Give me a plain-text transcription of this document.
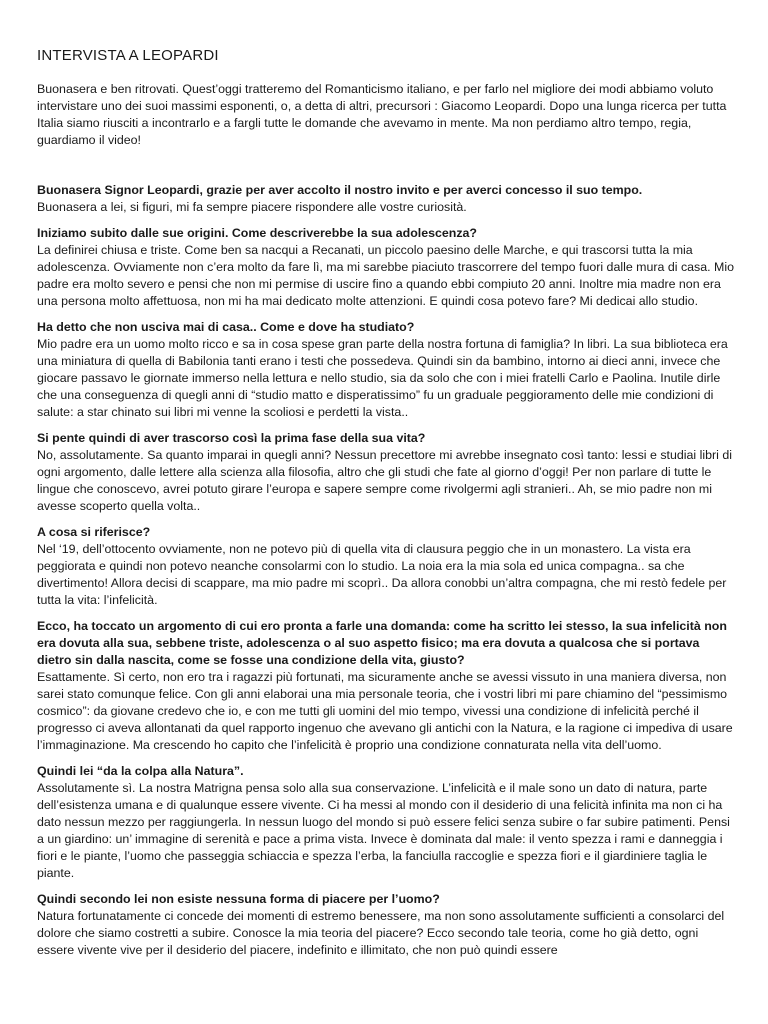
INTERVISTA A LEOPARDI

Buonasera e ben ritrovati. Quest’oggi tratteremo del Romanticismo italiano, e per farlo nel migliore dei modi abbiamo voluto intervistare uno dei suoi massimi esponenti, o, a detta di altri, precursori : Giacomo Leopardi. Dopo una lunga ricerca per tutta Italia siamo riusciti a incontrarlo e a fargli tutte le domande che avevamo in mente. Ma non perdiamo altro tempo, regia, guardiamo il video!

Buonasera Signor Leopardi, grazie per aver accolto il nostro invito e per averci concesso il suo tempo.

Buonasera a lei, si figuri, mi fa sempre piacere rispondere alle vostre curiosità.

Iniziamo subito dalle sue origini. Come descriverebbe la sua adolescenza?

La definirei chiusa e triste. Come ben sa nacqui a Recanati, un piccolo paesino delle Marche, e qui trascorsi tutta la mia adolescenza. Ovviamente non c’era molto da fare lì, ma mi sarebbe piaciuto trascorrere del tempo fuori dalle mura di casa. Mio padre era molto severo e pensi che non mi permise di uscire fino a quando ebbi compiuto 20 anni. Inoltre mia madre non era una persona molto affettuosa, non mi ha mai dedicato molte attenzioni. E quindi cosa potevo fare? Mi dedicai allo studio.

Ha detto che non usciva mai di casa.. Come e dove ha studiato?

Mio padre era un uomo molto ricco e sa in cosa spese gran parte della nostra fortuna di famiglia? In libri. La sua biblioteca era una miniatura di quella di Babilonia tanti erano i testi che possedeva. Quindi sin da bambino, intorno ai dieci anni, invece che giocare passavo le giornate immerso nella lettura e nello studio, sia da solo che con i miei fratelli Carlo e Paolina. Inutile dirle che una conseguenza di quegli anni di “studio matto e disperatissimo” fu un graduale peggioramento delle mie condizioni di salute: a star chinato sui libri mi venne la scoliosi e perdetti la vista..

Si pente quindi di aver trascorso così la prima fase della sua vita?

No, assolutamente. Sa quanto imparai in quegli anni? Nessun precettore mi avrebbe insegnato così tanto: lessi e studiai libri di ogni argomento, dalle lettere alla scienza alla filosofia, altro che gli studi che fate al giorno d’oggi! Per non parlare di tutte le lingue che conoscevo, avrei potuto girare l’europa e sapere sempre come rivolgermi agli stranieri.. Ah, se mio padre non mi avesse scoperto quella volta..

A cosa si riferisce?

Nel ‘19, dell’ottocento ovviamente, non ne potevo più di quella vita di clausura peggio che in un monastero. La vista era peggiorata e quindi non potevo neanche consolarmi con lo studio. La noia era la mia sola ed unica compagna.. sa che divertimento! Allora decisi di scappare, ma mio padre mi scoprì.. Da allora conobbi un’altra compagna, che mi restò fedele per tutta la vita: l’infelicità.

Ecco, ha toccato un argomento di cui ero pronta a farle una domanda: come ha scritto lei stesso, la sua infelicità non era dovuta alla sua, sebbene triste, adolescenza o al suo aspetto fisico; ma era dovuta a qualcosa che si portava dietro sin dalla nascita, come se fosse una condizione della vita, giusto?

Esattamente. Sì certo, non ero tra i ragazzi più fortunati, ma sicuramente anche se avessi vissuto in una maniera diversa, non sarei stato comunque felice. Con gli anni elaborai una mia personale teoria, che i vostri libri mi pare chiamino del “pessimismo cosmico”: da giovane credevo che io, e con me tutti gli uomini del mio tempo, vivessi una condizione di infelicità perché il progresso ci aveva allontanati da quel rapporto ingenuo che avevano gli antichi con la Natura, e la ragione ci impediva di usare l’immaginazione. Ma crescendo ho capito che l’infelicità è proprio una condizione connaturata nella vita dell’uomo.

Quindi lei “da la colpa alla Natura”.

Assolutamente sì. La nostra Matrigna pensa solo alla sua conservazione. L’infelicità e il male sono un dato di natura, parte dell’esistenza umana e di qualunque essere vivente. Ci ha messi al mondo con il desiderio di una felicità infinita ma non ci ha dato nessun mezzo per raggiungerla. In nessun luogo del mondo si può essere felici senza subire o far subire patimenti. Pensi a un giardino: un’ immagine di serenità e pace a prima vista. Invece è dominata dal male: il vento spezza i rami e danneggia i fiori e le piante, l’uomo che passeggia schiaccia e spezza l’erba, la fanciulla raccoglie e spezza fiori e il giardiniere taglia le piante.

Quindi secondo lei non esiste nessuna forma di piacere per l’uomo?

Natura fortunatamente ci concede dei momenti di estremo benessere, ma non sono assolutamente sufficienti a consolarci del dolore che siamo costretti a subire. Conosce la mia teoria del piacere? Ecco secondo tale teoria, come ho già detto, ogni essere vivente vive per il desiderio del piacere, indefinito e illimitato, che non può quindi essere
